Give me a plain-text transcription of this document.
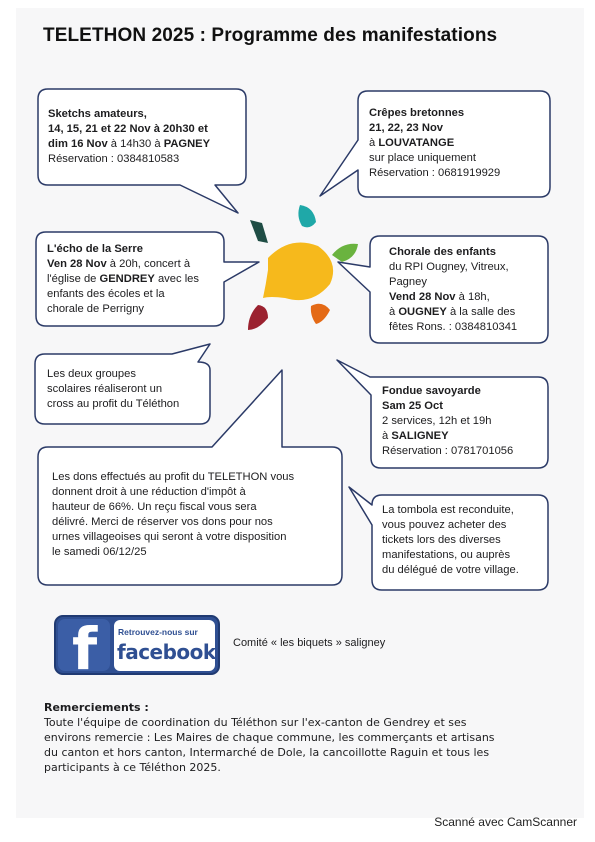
TELETHON 2025 : Programme des manifestations
Sketchs amateurs,
14, 15, 21 et 22 Nov à 20h30 et
dim 16 Nov à 14h30 à PAGNEY
Réservation : 0384810583
Crêpes bretonnes
21, 22, 23 Nov
à LOUVATANGE
sur place uniquement
Réservation : 0681919929
L'écho de la Serre
Ven 28 Nov à 20h, concert à
l'église de GENDREY avec les
enfants des écoles et la
chorale de Perrigny
Chorale des enfants
du RPI Ougney, Vitreux,
Pagney
Vend 28 Nov à 18h,
à OUGNEY à la salle des
fêtes Rons. : 0384810341
Les deux groupes
scolaires réaliseront un
cross au profit du Téléthon
Fondue savoyarde
Sam 25 Oct
2 services, 12h et 19h
à SALIGNEY
Réservation : 0781701056
Les dons effectués au profit du TELETHON vous
donnent droit à une réduction d'impôt à
hauteur de 66%. Un reçu fiscal vous sera
délivré. Merci de réserver vos dons pour nos
urnes villageoises qui seront à votre disposition
le samedi 06/12/25
La tombola est reconduite,
vous pouvez acheter des
tickets lors des diverses
manifestations, ou auprès
du délégué de votre village.
f Retrouvez-nous sur
facebook Comité « les biquets » saligney
Remerciements :
Toute l'équipe de coordination du Téléthon sur l'ex-canton de Gendrey et ses
environs remercie : Les Maires de chaque commune, les commerçants et artisans
du canton et hors canton, Intermarché de Dole, la cancoillotte Raguin et tous les
participants à ce Téléthon 2025.
Scanné avec CamScanner
